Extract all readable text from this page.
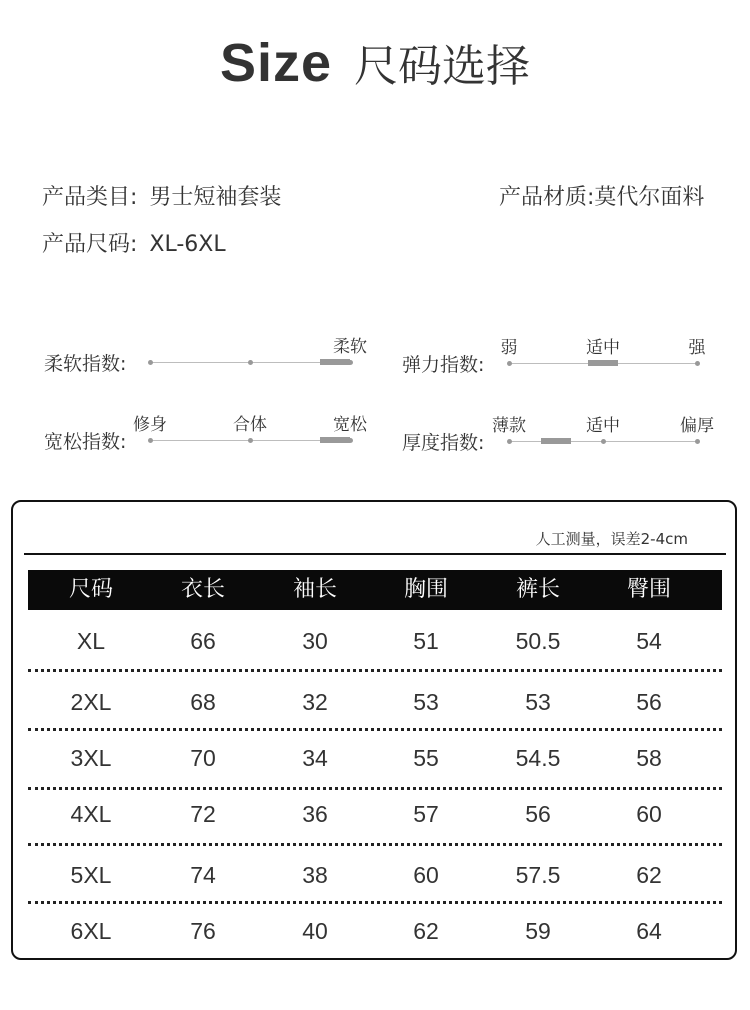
Size 尺码选择
产品类目: 男士短袖套装	产品材质:莫代尔面料
产品尺码: XL-6XL
柔软指数:
柔软
弹力指数:
弱	适中	强
宽松指数:
修身	合体	宽松
厚度指数:
薄款	适中	偏厚
人工测量，误差2-4cm
尺码	衣长	袖长	胸围	裤长	臀围
XL	66	30	51	50.5	54
2XL	68	32	53	53	56
3XL	70	34	55	54.5	58
4XL	72	36	57	56	60
5XL	74	38	60	57.5	62
6XL	76	40	62	59	64
